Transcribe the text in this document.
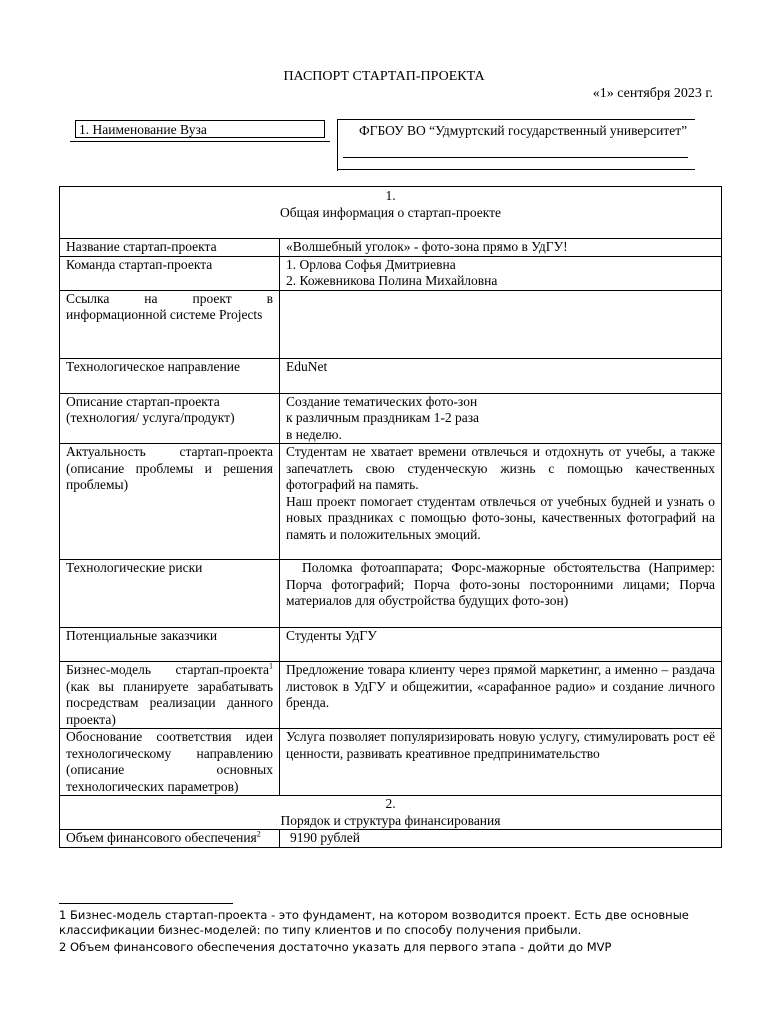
ПАСПОРТ СТАРТАП-ПРОЕКТА
«1» сентября 2023 г.
1. Наименование Вуза	ФГБОУ ВО “Удмуртский государственный университет”
1.
Общая информация о стартап-проекте	

Название стартап-проекта	«Волшебный уголок» - фото-зона прямо в УдГУ!
Команда стартап-проекта	1. Орлова Софья Дмитриевна
2. Кожевникова Полина Михайловна

Ссылка на проект в информационной системе Projects	
Технологическое направление	EduNet
Описание стартап-проекта (технология/ услуга/продукт)	Создание тематических фото-зон
к различным праздникам 1-2 раза
в неделю.
Актуальность стартап-проекта (описание проблемы и решения проблемы)	Студентам не хватает времени отвлечься и отдохнуть от учебы, а также запечатлеть свою студенческую жизнь с помощью качественных фотографий на память.
Наш проект помогает студентам отвлечься от учебных будней и узнать о новых праздниках с помощью фото-зоны, качественных фотографий на память и положительных эмоций.

Технологические риски	Поломка фотоаппарата; Форс-мажорные обстоятельства (Например: Порча фотографий; Порча фото-зоны посторонними лицами; Порча материалов для обустройства будущих фото-зон)
Потенциальные заказчики	Студенты УдГУ
Бизнес-модель стартап-проекта$^1$ (как вы планируете зарабатывать посредствам реализации данного проекта)	Предложение товара клиенту через прямой маркетинг, а именно – раздача листовок в УдГУ и общежитии, «сарафанное радио» и создание личного бренда.
Обоснование соответствия идеи технологическому направлению (описание основных технологических параметров)	Услуга позволяет популяризировать новую услугу, стимулировать рост её ценности, развивать креативное предпринимательство

2.
Порядок и структура финансирования	

Объем финансового обеспечения$^2$	9190 рублей
1 Бизнес-модель стартап-проекта - это фундамент, на котором возводится проект. Есть две основные классификации бизнес-моделей: по типу клиентов и по способу получения прибыли.
2 Объем финансового обеспечения достаточно указать для первого этапа - дойти до MVP
